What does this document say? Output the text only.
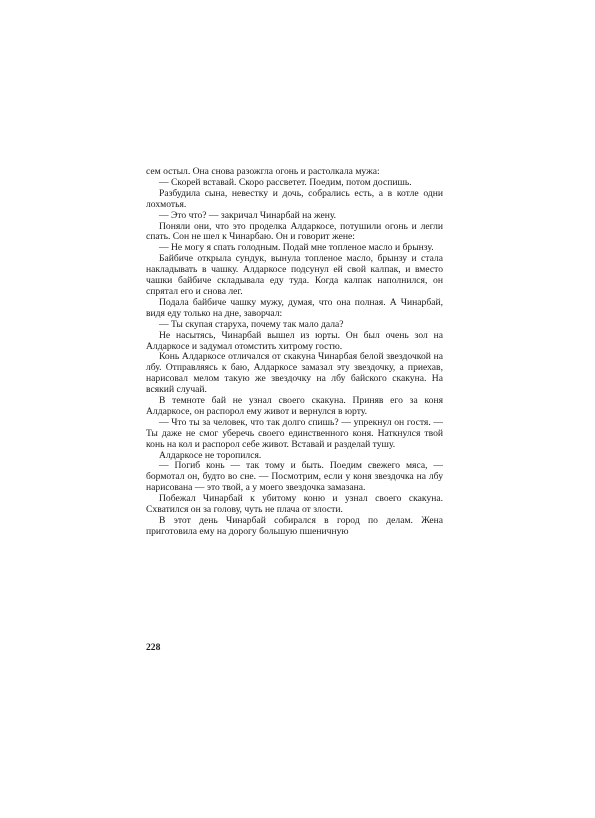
сем остыл. Она снова разожгла огонь и растолкала мужа:

— Скорей вставай. Скоро рассветет. Поедим, потом доспишь.

Разбудила сына, невестку и дочь, собрались есть, а в котле одни лохмотья.

— Это что? — закричал Чинарбай на жену.

Поняли они, что это проделка Алдаркосе, потушили огонь и легли спать. Сон не шел к Чинарбаю. Он и говорит жене:

— Не могу я спать голодным. Подай мне топленое масло и брынзу.

Байбиче открыла сундук, вынула топленое масло, брынзу и стала накладывать в чашку. Алдаркосе подсунул ей свой калпак, и вместо чашки байбиче складывала еду туда. Когда калпак наполнился, он спрятал его и снова лег.

Подала байбиче чашку мужу, думая, что она полная. А Чинарбай, видя еду только на дне, заворчал:

— Ты скупая старуха, почему так мало дала?

Не насытясь, Чинарбай вышел из юрты. Он был очень зол на Алдаркосе и задумал отомстить хитрому гостю.

Конь Алдаркосе отличался от скакуна Чинарбая белой звездочкой на лбу. Отправляясь к баю, Алдаркосе замазал эту звездочку, а приехав, нарисовал мелом такую же звездочку на лбу байского скакуна. На всякий случай.

В темноте бай не узнал своего скакуна. Приняв его за коня Алдаркосе, он распорол ему живот и вернулся в юрту.

— Что ты за человек, что так долго спишь? — упрекнул он гостя. — Ты даже не смог уберечь своего единственного коня. Наткнулся твой конь на кол и распорол себе живот. Вставай и разделай тушу.

Алдаркосе не торопился.

— Погиб конь — так тому и быть. Поедим свежего мяса, — бормотал он, будто во сне. — Посмотрим, если у коня звездочка на лбу нарисована — это твой, а у моего звездочка замазана.

Побежал Чинарбай к убитому коню и узнал своего скакуна. Схватился он за голову, чуть не плача от злости.

В этот день Чинарбай собирался в город по делам. Жена приготовила ему на дорогу большую пшеничную

228
